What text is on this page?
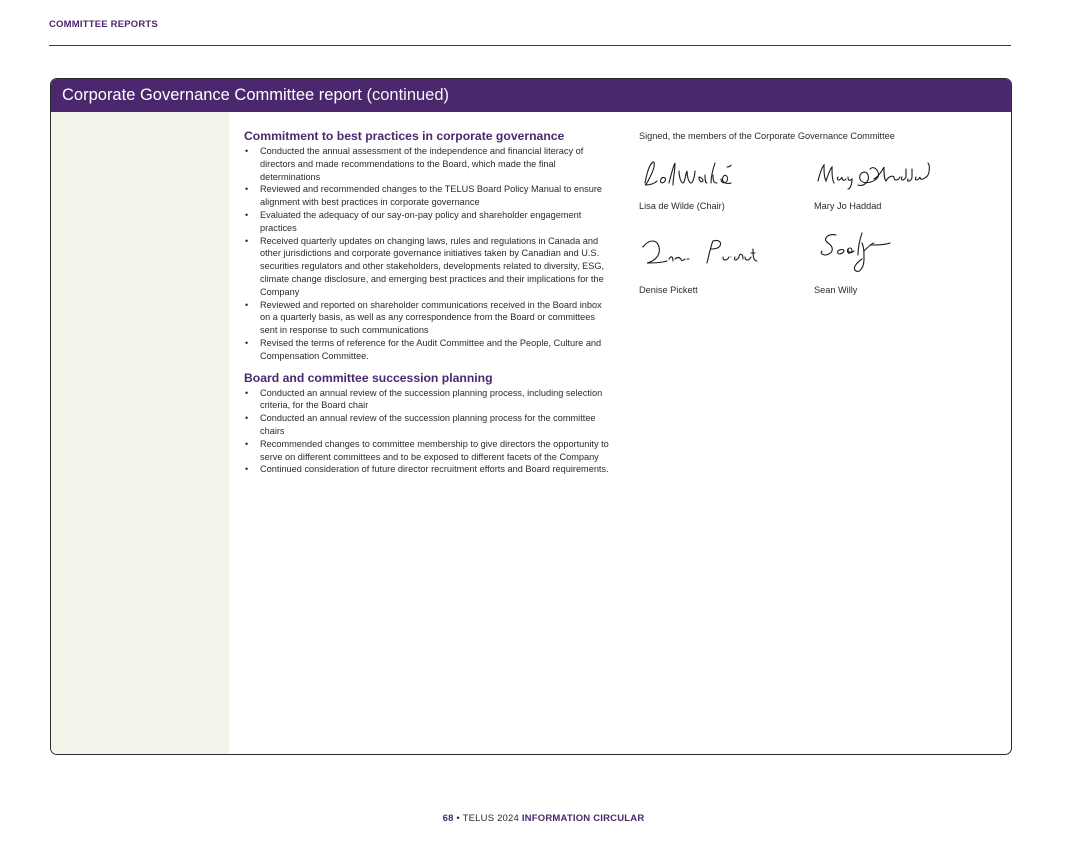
COMMITTEE REPORTS
Corporate Governance Committee report (continued)
Commitment to best practices in corporate governance
• Conducted the annual assessment of the independence and financial literacy of directors and made recommendations to the Board, which made the final determinations
• Reviewed and recommended changes to the TELUS Board Policy Manual to ensure alignment with best practices in corporate governance
• Evaluated the adequacy of our say-on-pay policy and shareholder engagement practices
• Received quarterly updates on changing laws, rules and regulations in Canada and other jurisdictions and corporate governance initiatives taken by Canadian and U.S. securities regulators and other stakeholders, developments related to diversity, ESG, climate change disclosure, and emerging best practices and their implications for the Company
• Reviewed and reported on shareholder communications received in the Board inbox on a quarterly basis, as well as any correspondence from the Board or committees sent in response to such communications
• Revised the terms of reference for the Audit Committee and the People, Culture and Compensation Committee.
Board and committee succession planning
• Conducted an annual review of the succession planning process, including selection criteria, for the Board chair
• Conducted an annual review of the succession planning process for the committee chairs
• Recommended changes to committee membership to give directors the opportunity to serve on different committees and to be exposed to different facets of the Company
• Continued consideration of future director recruitment efforts and Board requirements.
Signed, the members of the Corporate Governance Committee
Lisa de Wilde (Chair)	Mary Jo Haddad
Denise Pickett	Sean Willy
68 • TELUS 2024 INFORMATION CIRCULAR
